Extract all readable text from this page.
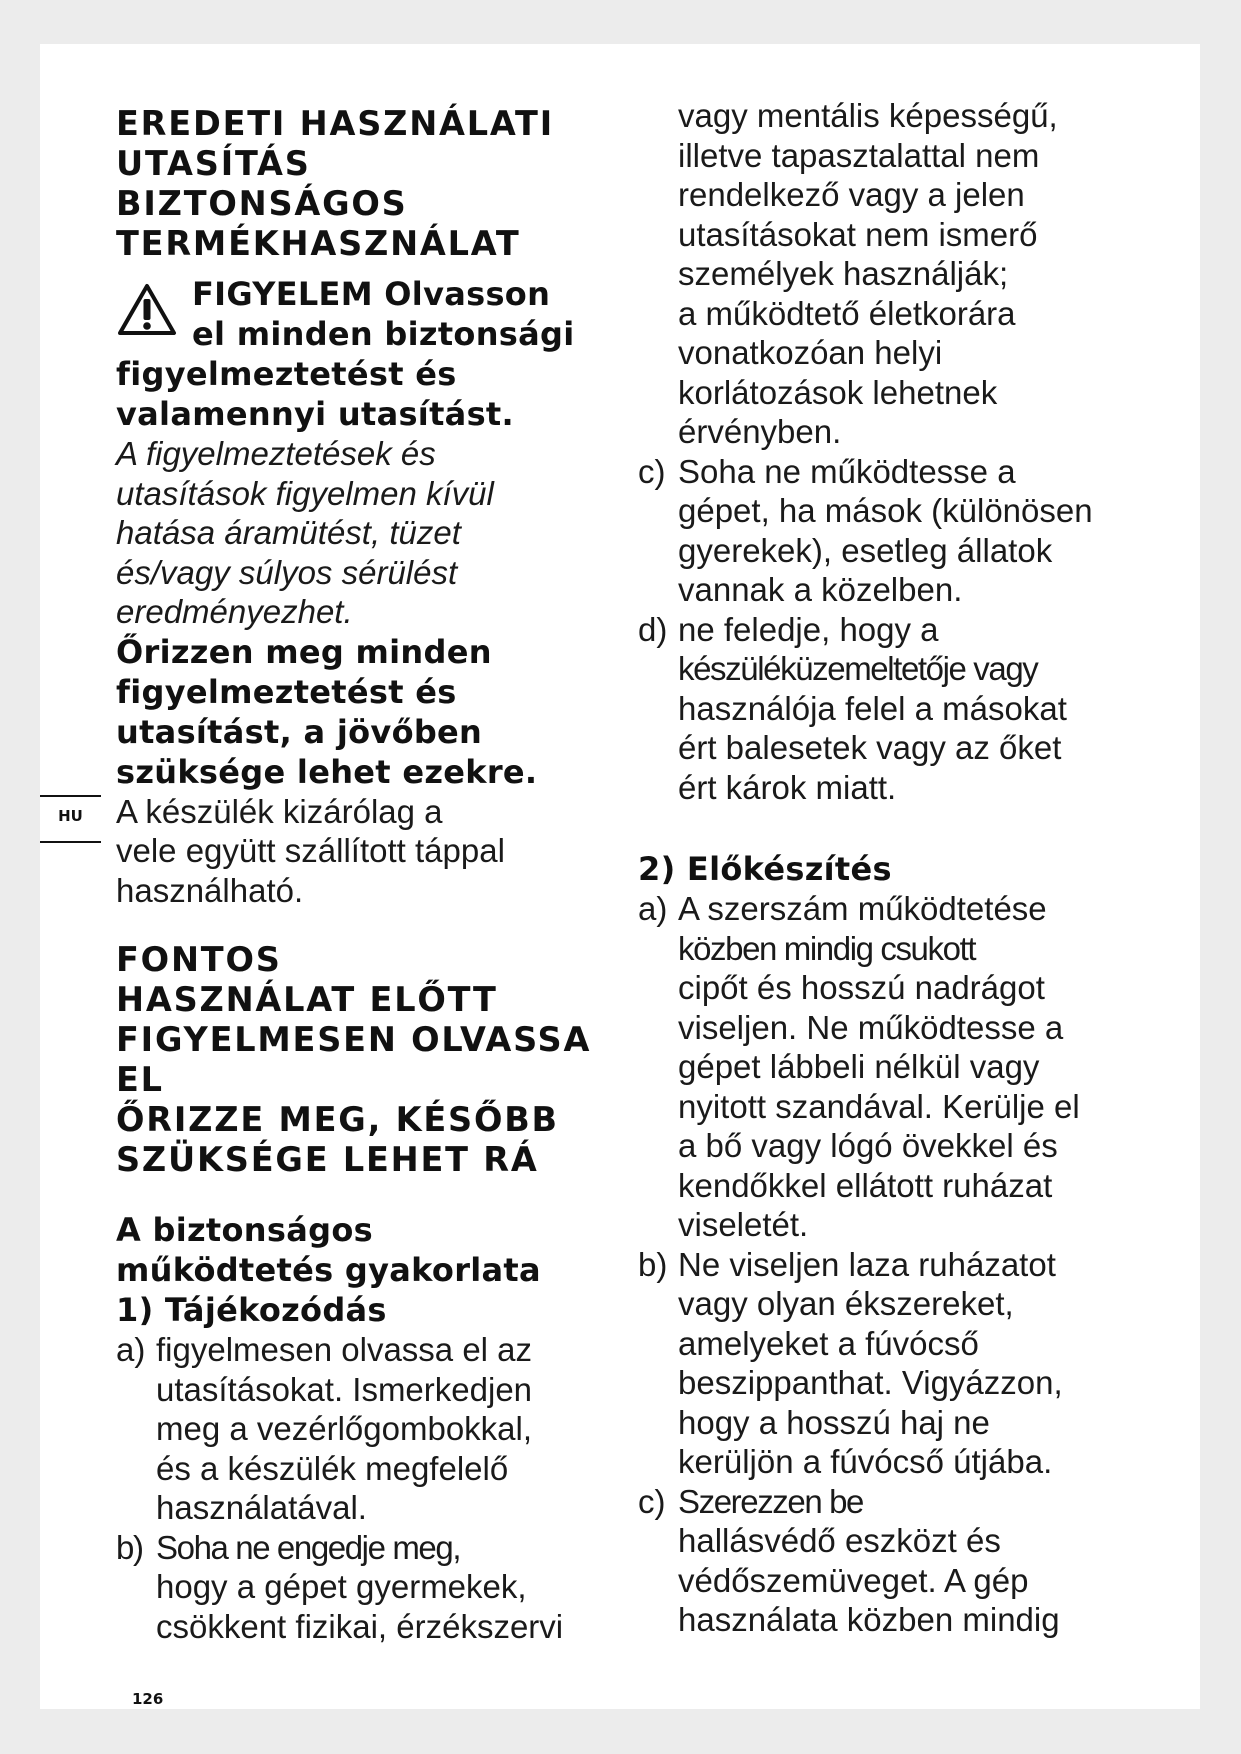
EREDETI HASZNÁLATI

UTASÍTÁS

BIZTONSÁGOS

TERMÉKHASZNÁLAT

FIGYELEM Olvasson

el minden biztonsági

figyelmeztetést és

valamennyi utasítást.

A figyelmeztetések és

utasítások figyelmen kívül

hatása áramütést, tüzet

és/vagy súlyos sérülést

eredményezhet.

Őrizzen meg minden

figyelmeztetést és

utasítást, a jövőben

szüksége lehet ezekre.

A készülék kizárólag a

vele együtt szállított táppal

használható.

FONTOS

HASZNÁLAT ELŐTT

FIGYELMESEN OLVASSA

EL

ŐRIZZE MEG, KÉSŐBB

SZÜKSÉGE LEHET RÁ

A biztonságos

működtetés gyakorlata

1) Tájékozódás

a) figyelmesen olvassa el az

utasításokat. Ismerkedjen

meg a vezérlőgombokkal,

és a készülék megfelelő

használatával.

b) Soha ne engedje meg,

hogy a gépet gyermekek,

csökkent fizikai, érzékszervi

vagy mentális képességű,

illetve tapasztalattal nem

rendelkező vagy a jelen

utasításokat nem ismerő

személyek használják;

a működtető életkorára

vonatkozóan helyi

korlátozások lehetnek

érvényben.

c) Soha ne működtesse a

gépet, ha mások (különösen

gyerekek), esetleg állatok

vannak a közelben.

d) ne feledje, hogy a

készüléküzemeltetője vagy

használója felel a másokat

ért balesetek vagy az őket

ért károk miatt.

2) Előkészítés

a) A szerszám működtetése

közben mindig csukott

cipőt és hosszú nadrágot

viseljen. Ne működtesse a

gépet lábbeli nélkül vagy

nyitott szandával. Kerülje el

a bő vagy lógó övekkel és

kendőkkel ellátott ruházat

viseletét.

b) Ne viseljen laza ruházatot

vagy olyan ékszereket,

amelyeket a fúvócső

beszippanthat. Vigyázzon,

hogy a hosszú haj ne

kerüljön a fúvócső útjába.

c) Szerezzen be

hallásvédő eszközt és

védőszemüveget. A gép

használata közben mindig

126
HU
